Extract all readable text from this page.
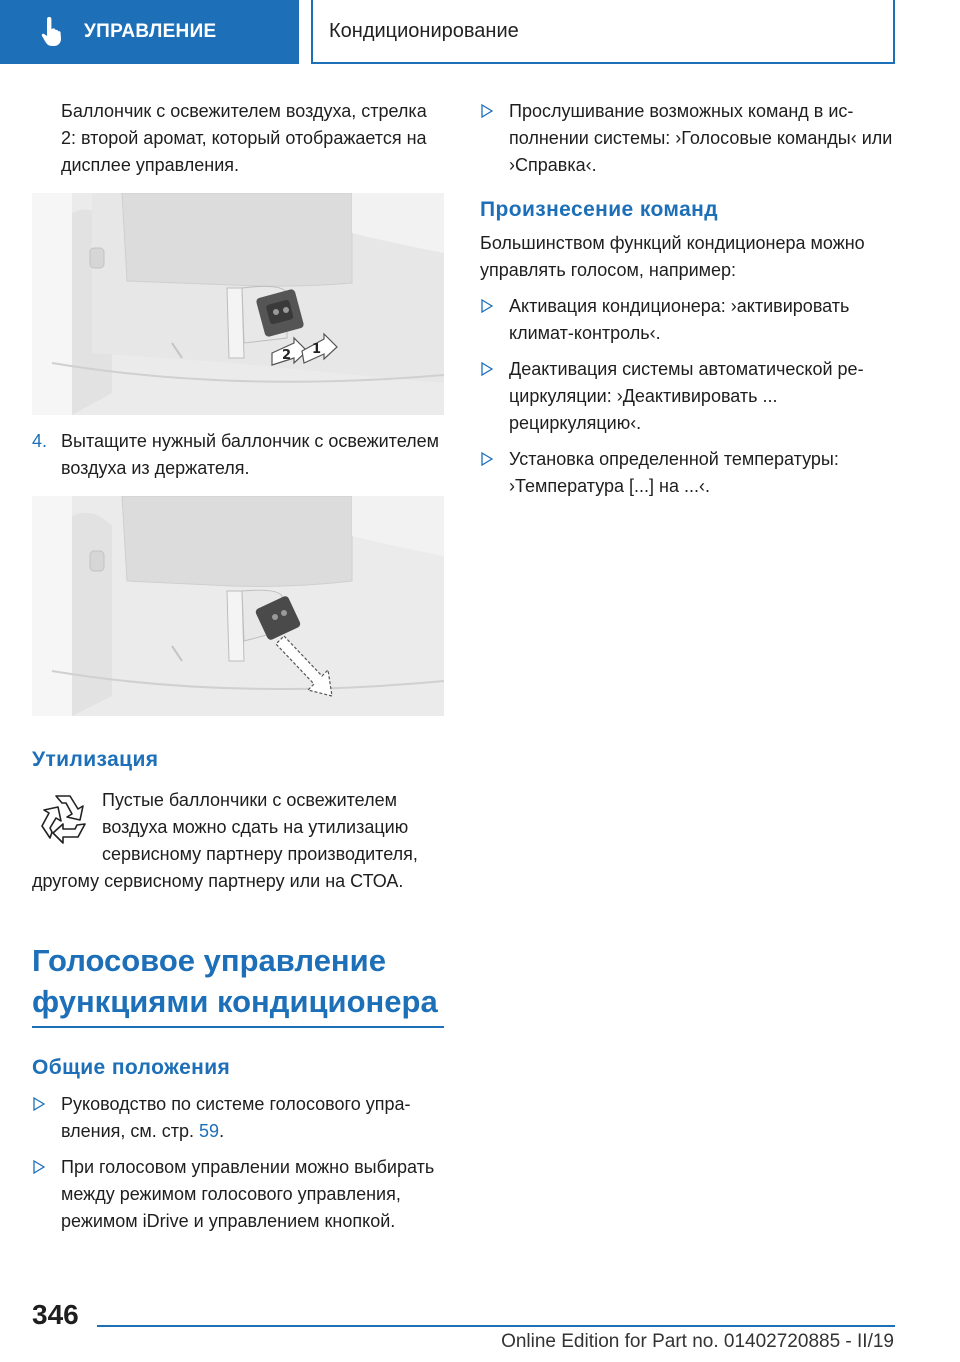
УПРАВЛЕНИЕ	Кондиционирование

Баллончик с освежителем воздуха, стрелка 2: второй аромат, который отображается на дисплее управления.

2 1
4. Вытащите нужный баллончик с освежителем воздуха из держателя.
Утилизация

Пустые баллончики с освежителем воздуха можно сдать на утилизацию сервисному партнеру производителя, другому сервисному партнеру или на СТОА.

Голосовое управление
функциями кондиционера
Общие положения
Руководство по системе голосового управления, см. стр. 59.
При голосовом управлении можно выбирать между режимом голосового управления, режимом iDrive и управлением кнопкой.
Прослушивание возможных команд в исполнении системы: ›Голосовые команды‹ или ›Справка‹.
Произнесение команд

Большинством функций кондиционера можно управлять голосом, например:

Активация кондиционера: ›активировать климат-контроль‹.
Деактивация системы автоматической рециркуляции: ›Деактивировать ... рециркуляцию‹.
Установка определенной температуры: ›Температура [...] на ...‹.
346
Online Edition for Part no. 01402720885 - II/19
